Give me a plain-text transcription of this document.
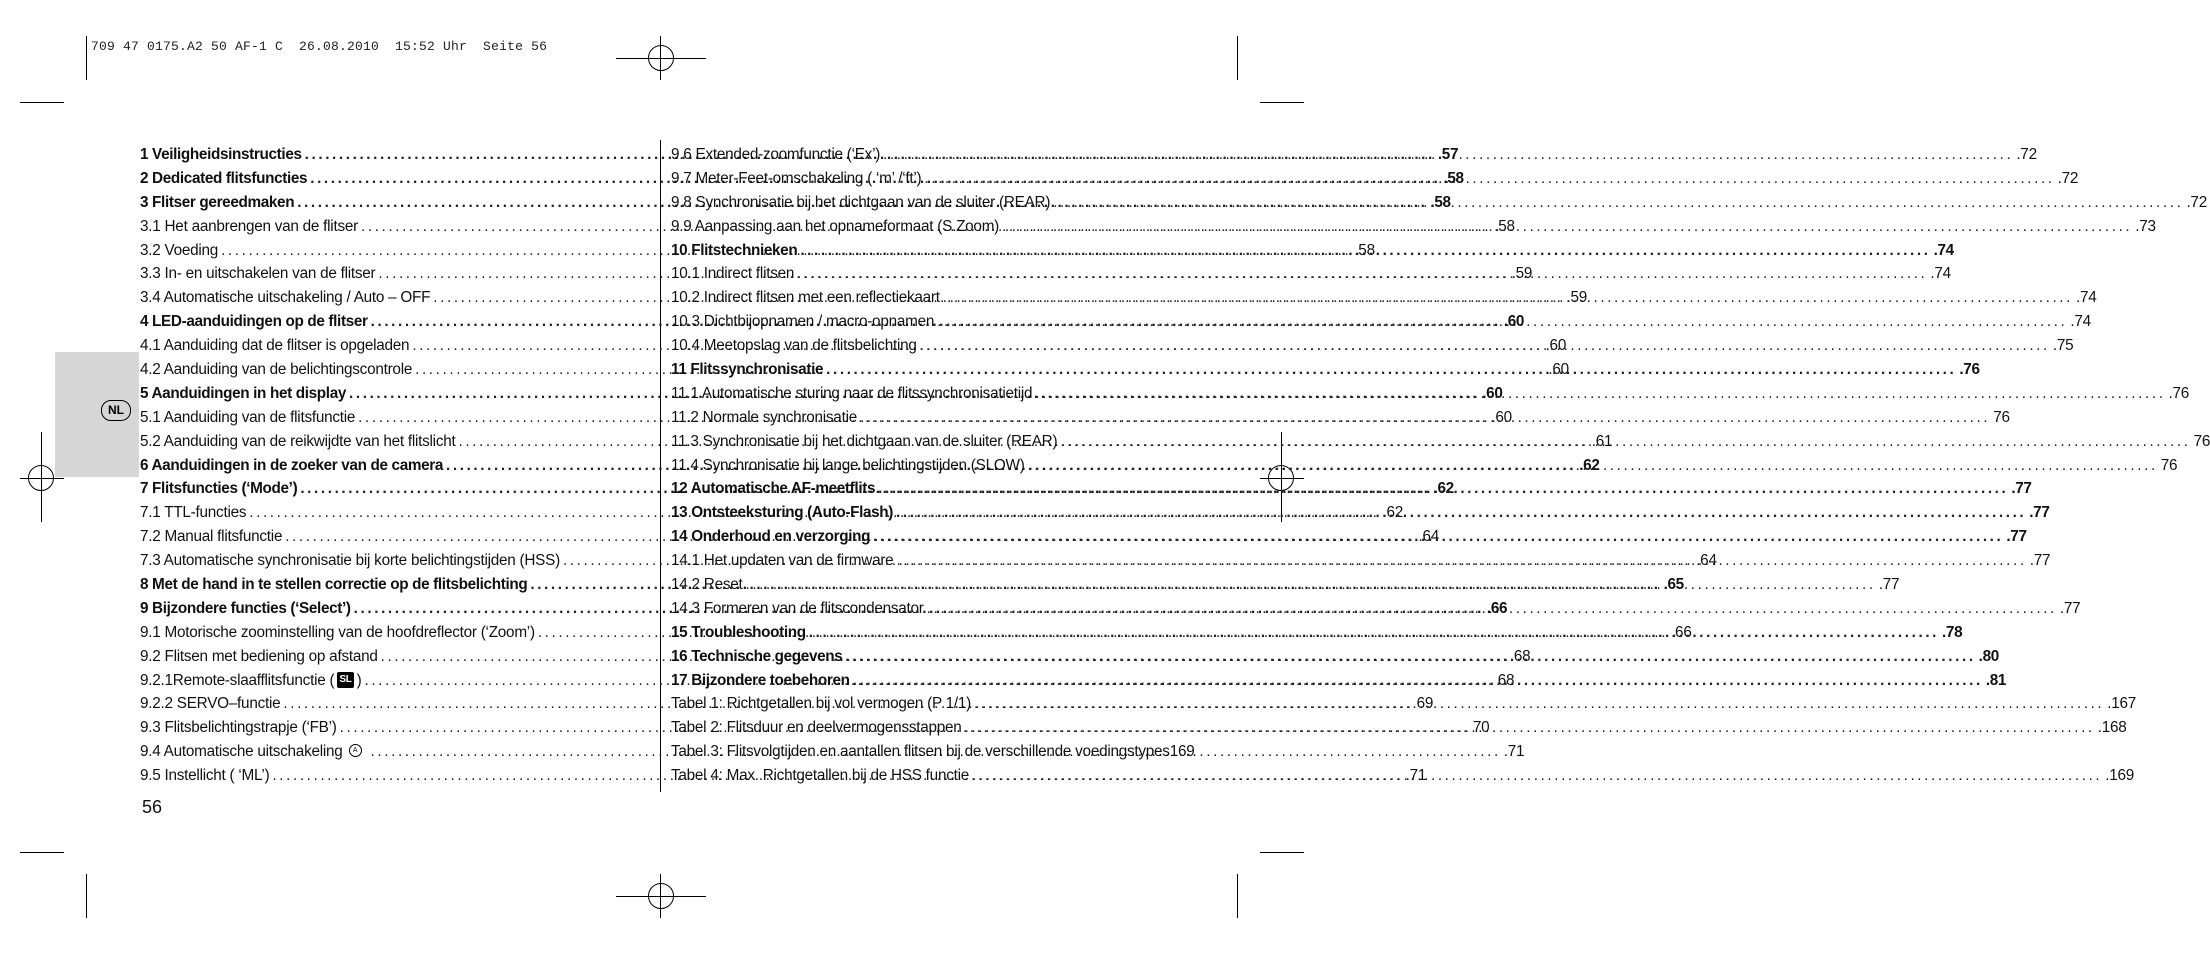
709 47 0175.A2 50 AF-1 C  26.08.2010  15:52 Uhr  Seite 56
NL
1 Veiligheidsinstructies .....	.57
2 Dedicated flitsfuncties .....	.58
3 Flitser gereedmaken .....	.58
3.1 Het aanbrengen van de flitser .....	.58
3.2 Voeding .....	.58
3.3 In- en uitschakelen van de flitser .....	.59
3.4 Automatische uitschakeling / Auto – OFF .....	.59
4 LED-aanduidingen op de flitser .....	.60
4.1 Aanduiding dat de flitser is opgeladen .....	.60
4.2 Aanduiding van de belichtingscontrole .....	.60
5 Aanduidingen in het display .....	.60
5.1 Aanduiding van de flitsfunctie .....	.60
5.2 Aanduiding van de reikwijdte van het flitslicht .....	.61
6 Aanduidingen in de zoeker van de camera .....	.62
7 Flitsfuncties (‘Mode’) .....	.62
7.1 TTL-functies .....	.62
7.2 Manual flitsfunctie .....	.64
7.3 Automatische synchronisatie bij korte belichtingstijden (HSS) .....	.64
8 Met de hand in te stellen correctie op de flitsbelichting .....	.65
9 Bijzondere functies (‘Select’) .....	.66
9.1 Motorische zoominstelling van de hoofdreflector (‘Zoom’) .....	.66
9.2 Flitsen met bediening op afstand .....	68
9.2.1Remote-slaafflitsfunctie ( SL ) .....	68
9.2.2 SERVO–functie .....	69
9.3 Flitsbelichtingstrapje (‘FB’) .....	70
9.4 Automatische uitschakeling A .....	.71
9.5 Instellicht ( ‘ML’) .....	.71
9.6 Extended-zoomfunctie (‘Ex’) .....	.72
9.7 Meter-Feet-omschakeling ( ‘m’ /‘ft’) .....	.72
9.8 Synchronisatie bij het dichtgaan van de sluiter (REAR) .....	.72
9.9 Aanpassing aan het opnameformaat (S.Zoom) .....	.73
10 Flitstechnieken .....	.74
10.1 Indirect flitsen .....	.74
10.2 Indirect flitsen met een reflectiekaart .....	.74
10.3 Dichtbijopnamen / macro-opnamen .....	.74
10.4 Meetopslag van de flitsbelichting .....	.75
11 Flitssynchronisatie .....	.76
11.1 Automatische sturing naar de flitssynchronisatietijd .....	.76
11.2 Normale synchronisatie .....	76
11.3 Synchronisatie bij het dichtgaan van de sluiter (REAR) .....	76
11.4 Synchronisatie bij lange belichtingstijden (SLOW) .....	76
12 Automatische AF-meetflits .....	.77
13 Ontsteeksturing (Auto-Flash) .....	.77
14 Onderhoud en verzorging .....	.77
14.1 Het updaten van de firmware .....	.77
14.2 Reset .....	.77
14.3 Formeren van de flitscondensator .....	.77
15 Troubleshooting .....	.78
16 Technische gegevens .....	.80
17 Bijzondere toebehoren .....	.81
Tabel 1: Richtgetallen bij vol vermogen (P 1/1) .....	.167
Tabel 2: Flitsduur en deelvermogensstappen .....	.168
Tabel 3: Flitsvolgtijden en aantallen flitsen bij de verschillende voedingstypes 169
Tabel 4: Max. Richtgetallen bij de HSS functie .....	.169
56
